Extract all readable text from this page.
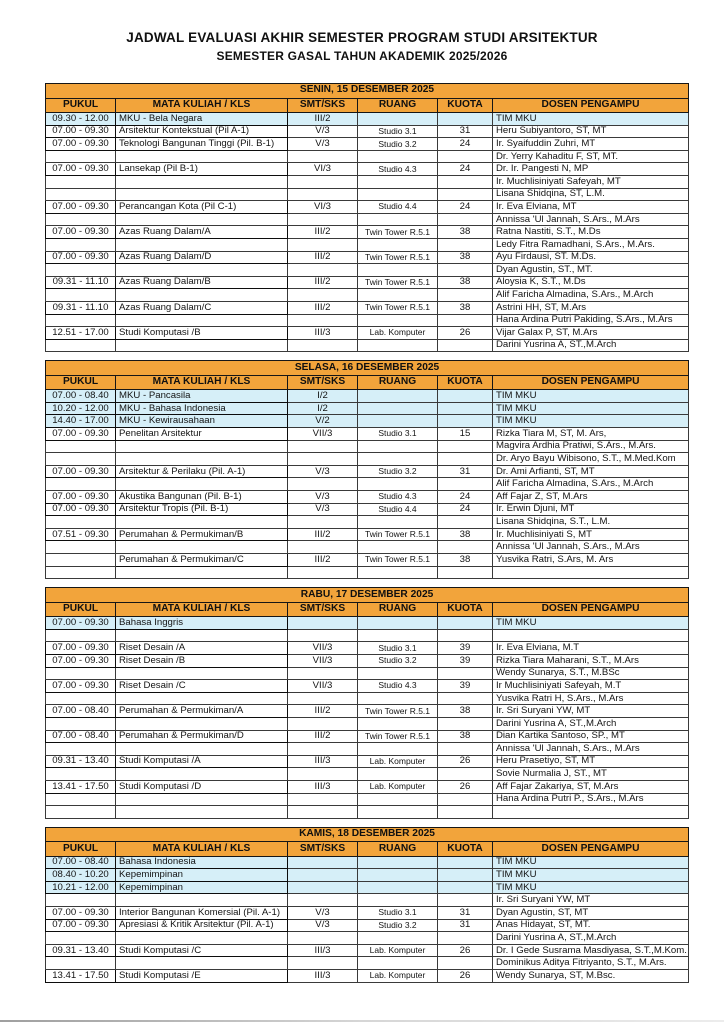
JADWAL EVALUASI AKHIR SEMESTER PROGRAM STUDI ARSITEKTUR
SEMESTER GASAL TAHUN AKADEMIK 2025/2026
SENIN, 15 DESEMBER 2025					
PUKUL	MATA KULIAH / KLS	SMT/SKS	RUANG	KUOTA	DOSEN PENGAMPU
09.30 - 12.00	MKU - Bela Negara	III/2			TIM MKU
07.00 - 09.30	Arsitektur Kontekstual (Pil A-1)	V/3	Studio 3.1	31	Heru Subiyantoro, ST, MT
07.00 - 09.30	Teknologi Bangunan Tinggi (Pil. B-1)	V/3	Studio 3.2	24	Ir. Syaifuddin Zuhri, MT
					Dr. Yerry Kahaditu F, ST, MT.
07.00 - 09.30	Lansekap (Pil B-1)	VI/3	Studio 4.3	24	Dr. Ir. Pangesti N, MP
					Ir. Muchlisiniyati Safeyah, MT
					Lisana Shidqina, ST, L.M.
07.00 - 09.30	Perancangan Kota (Pil C-1)	VI/3	Studio 4.4	24	Ir. Eva Elviana, MT
					Annissa 'Ul Jannah, S.Ars., M.Ars
07.00 - 09.30	Azas Ruang Dalam/A	III/2	Twin Tower R.5.1	38	Ratna Nastiti, S.T., M.Ds
					Ledy Fitra Ramadhani, S.Ars., M.Ars.
07.00 - 09.30	Azas Ruang Dalam/D	III/2	Twin Tower R.5.1	38	Ayu Firdausi, ST. M.Ds.
					Dyan Agustin, ST., MT.
09.31 - 11.10	Azas Ruang Dalam/B	III/2	Twin Tower R.5.1	38	Aloysia K, S.T., M.Ds
					Alif Faricha Almadina, S.Ars., M.Arch
09.31 - 11.10	Azas Ruang Dalam/C	III/2	Twin Tower R.5.1	38	Astrini HH, ST, M.Ars
					Hana Ardina Putri Pakiding, S.Ars., M.Ars
12.51 - 17.00	Studi Komputasi /B	III/3	Lab. Komputer	26	Vijar Galax P, ST, M.Ars
					Darini Yusrina A, ST.,M.Arch
SELASA, 16 DESEMBER 2025					
PUKUL	MATA KULIAH / KLS	SMT/SKS	RUANG	KUOTA	DOSEN PENGAMPU
07.00 - 08.40	MKU - Pancasila	I/2			TIM MKU
10.20 - 12.00	MKU - Bahasa Indonesia	I/2			TIM MKU
14.40 - 17.00	MKU - Kewirausahaan	V/2			TIM MKU
07.00 - 09.30	Penelitan Arsitektur	VII/3	Studio 3.1	15	Rizka Tiara M, ST, M. Ars,
					Magvira Ardhia Pratiwi, S.Ars., M.Ars.
					Dr. Aryo Bayu Wibisono, S.T., M.Med.Kom
07.00 - 09.30	Arsitektur & Perilaku (Pil. A-1)	V/3	Studio 3.2	31	Dr. Ami Arfianti, ST, MT
					Alif Faricha Almadina, S.Ars., M.Arch
07.00 - 09.30	Akustika Bangunan (Pil. B-1)	V/3	Studio 4.3	24	Aff Fajar Z, ST, M.Ars
07.00 - 09.30	Arsitektur Tropis (Pil. B-1)	V/3	Studio 4.4	24	Ir. Erwin Djuni, MT
					Lisana Shidqina, S.T., L.M.
07.51 - 09.30	Perumahan & Permukiman/B	III/2	Twin Tower R.5.1	38	Ir. Muchlisiniyati S, MT
					Annissa 'Ul Jannah, S.Ars., M.Ars
	Perumahan & Permukiman/C	III/2	Twin Tower R.5.1	38	Yusvika Ratri, S.Ars, M. Ars

RABU, 17 DESEMBER 2025					
PUKUL	MATA KULIAH / KLS	SMT/SKS	RUANG	KUOTA	DOSEN PENGAMPU
07.00 - 09.30	Bahasa Inggris				TIM MKU

07.00 - 09.30	Riset Desain /A	VII/3	Studio 3.1	39	Ir. Eva Elviana, M.T
07.00 - 09.30	Riset Desain /B	VII/3	Studio 3.2	39	Rizka Tiara Maharani, S.T., M.Ars
					Wendy Sunarya, S.T., M.BSc
07.00 - 09.30	Riset Desain /C	VII/3	Studio 4.3	39	Ir Muchlisiniyati Safeyah, M.T
					Yusvika Ratri H, S.Ars., M.Ars
07.00 - 08.40	Perumahan & Permukiman/A	III/2	Twin Tower R.5.1	38	Ir. Sri Suryani YW, MT
					Darini Yusrina A, ST.,M.Arch
07.00 - 08.40	Perumahan & Permukiman/D	III/2	Twin Tower R.5.1	38	Dian Kartika Santoso, SP., MT
					Annissa 'Ul Jannah, S.Ars., M.Ars
09.31 - 13.40	Studi Komputasi /A	III/3	Lab. Komputer	26	Heru Prasetiyo, ST, MT
					Sovie Nurmalia J, ST., MT
13.41 - 17.50	Studi Komputasi /D	III/3	Lab. Komputer	26	Aff Fajar Zakariya, ST, M.Ars
					Hana Ardina Putri P., S.Ars., M.Ars

KAMIS, 18 DESEMBER 2025					
PUKUL	MATA KULIAH / KLS	SMT/SKS	RUANG	KUOTA	DOSEN PENGAMPU
07.00 - 08.40	Bahasa Indonesia				TIM MKU
08.40 - 10.20	Kepemimpinan				TIM MKU
10.21 - 12.00	Kepemimpinan				TIM MKU
					Ir. Sri Suryani YW, MT
07.00 - 09.30	Interior Bangunan Komersial (Pil. A-1)	V/3	Studio 3.1	31	Dyan Agustin, ST, MT
07.00 - 09.30	Apresiasi & Kritik Arsitektur (Pil. A-1)	V/3	Studio 3.2	31	Anas Hidayat, ST, MT.
					Darini Yusrina A, ST.,M.Arch
09.31 - 13.40	Studi Komputasi /C	III/3	Lab. Komputer	26	Dr. I Gede Susrama Masdiyasa, S.T.,M.Kom.
					Dominikus Aditya Fitriyanto, S.T., M.Ars.
13.41 - 17.50	Studi Komputasi /E	III/3	Lab. Komputer	26	Wendy Sunarya, ST, M.Bsc.
